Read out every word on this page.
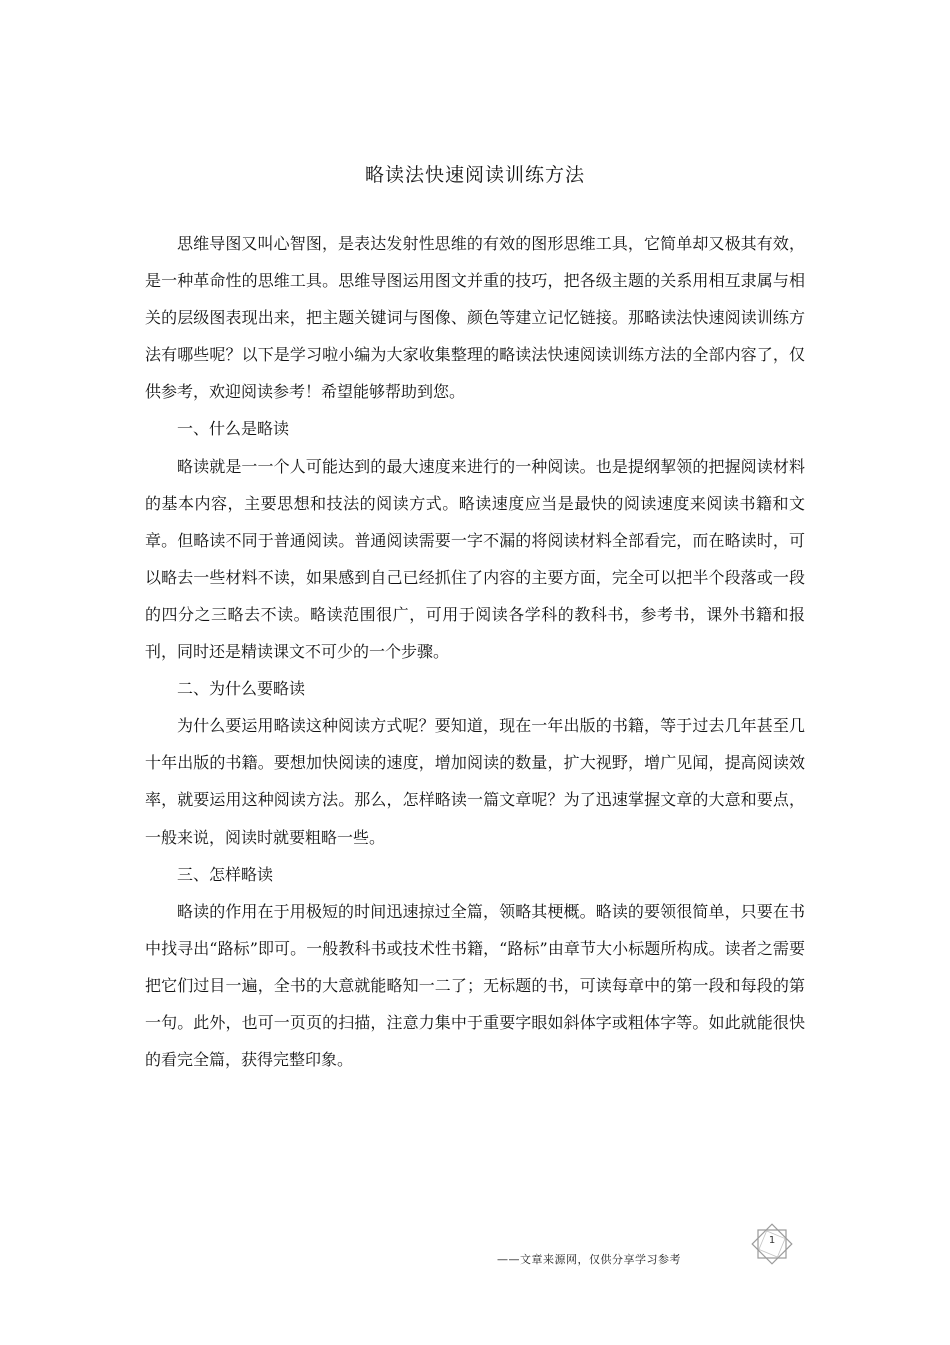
略读法快速阅读训练方法

思维导图又叫心智图，是表达发射性思维的有效的图形思维工具，它简单却又极其有效，是一种革命性的思维工具。思维导图运用图文并重的技巧，把各级主题的关系用相互隶属与相关的层级图表现出来，把主题关键词与图像、颜色等建立记忆链接。那略读法快速阅读训练方法有哪些呢？以下是学习啦小编为大家收集整理的略读法快速阅读训练方法的全部内容了，仅供参考，欢迎阅读参考！希望能够帮助到您。

一、什么是略读

略读就是一一个人可能达到的最大速度来进行的一种阅读。也是提纲挈领的把握阅读材料的基本内容，主要思想和技法的阅读方式。略读速度应当是最快的阅读速度来阅读书籍和文章。但略读不同于普通阅读。普通阅读需要一字不漏的将阅读材料全部看完，而在略读时，可以略去一些材料不读，如果感到自己已经抓住了内容的主要方面，完全可以把半个段落或一段的四分之三略去不读。略读范围很广，可用于阅读各学科的教科书，参考书，课外书籍和报刊，同时还是精读课文不可少的一个步骤。

二、为什么要略读

为什么要运用略读这种阅读方式呢？要知道，现在一年出版的书籍，等于过去几年甚至几十年出版的书籍。要想加快阅读的速度，增加阅读的数量，扩大视野，增广见闻，提高阅读效率，就要运用这种阅读方法。那么，怎样略读一篇文章呢？为了迅速掌握文章的大意和要点，一般来说，阅读时就要粗略一些。

三、怎样略读

略读的作用在于用极短的时间迅速掠过全篇，领略其梗概。略读的要领很简单，只要在书中找寻出“路标”即可。一般教科书或技术性书籍，“路标”由章节大小标题所构成。读者之需要把它们过目一遍，全书的大意就能略知一二了；无标题的书，可读每章中的第一段和每段的第一句。此外，也可一页页的扫描，注意力集中于重要字眼如斜体字或粗体字等。如此就能很快的看完全篇，获得完整印象。

——文章来源网，仅供分享学习参考
1
